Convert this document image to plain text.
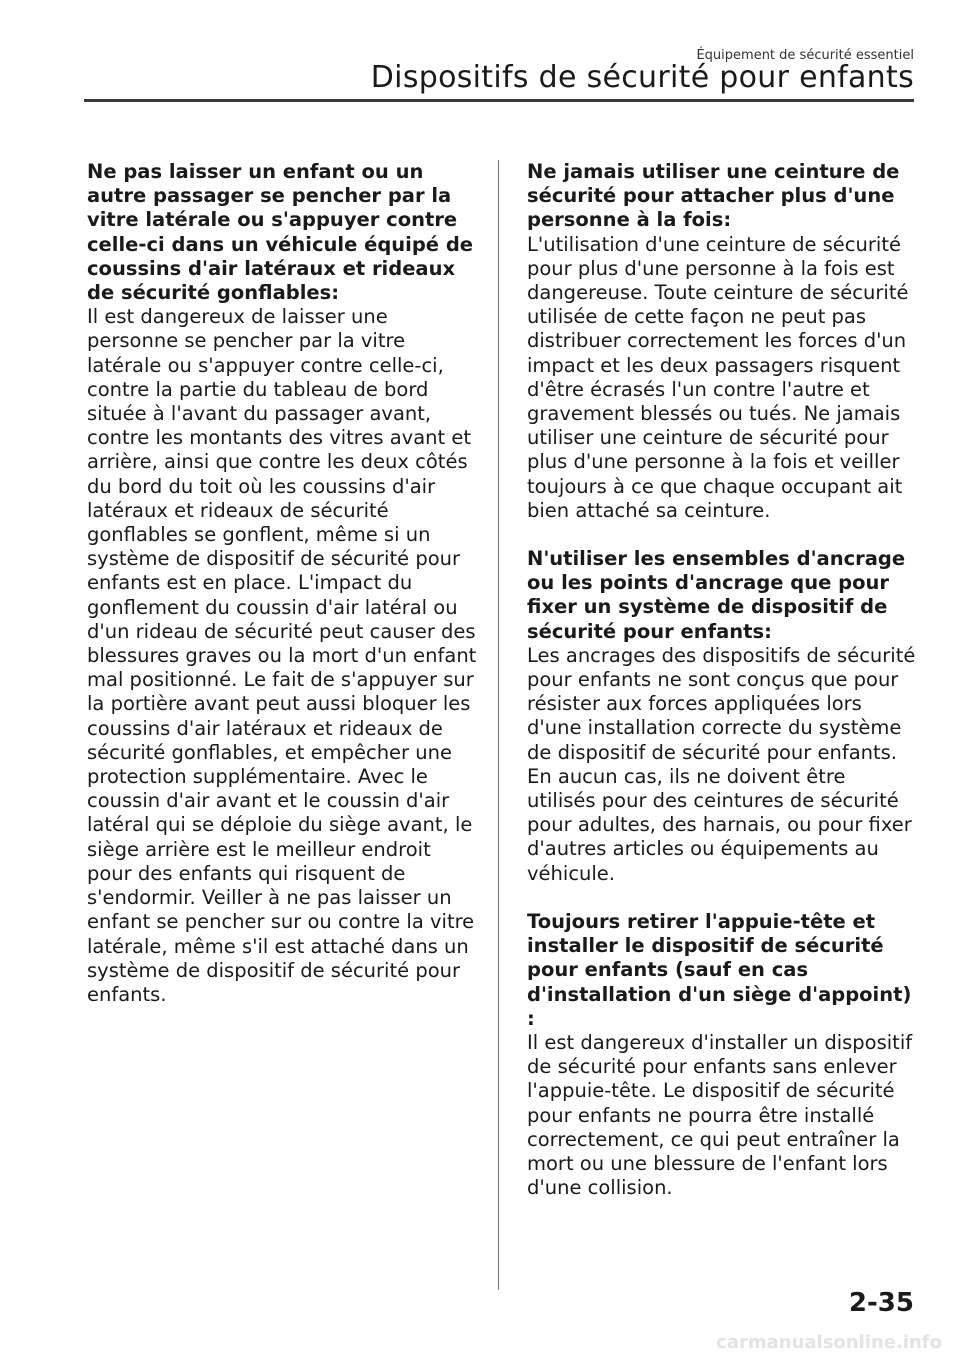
Équipement de sécurité essentiel
Dispositifs de sécurité pour enfants

Ne pas laisser un enfant ou un autre passager se pencher par la vitre latérale ou s'appuyer contre celle-ci dans un véhicule équipé de coussins d'air latéraux et rideaux de sécurité gonflables:

Il est dangereux de laisser une personne se pencher par la vitre latérale ou s'appuyer contre celle-ci, contre la partie du tableau de bord située à l'avant du passager avant, contre les montants des vitres avant et arrière, ainsi que contre les deux côtés du bord du toit où les coussins d'air latéraux et rideaux de sécurité gonflables se gonflent, même si un système de dispositif de sécurité pour enfants est en place. L'impact du gonflement du coussin d'air latéral ou d'un rideau de sécurité peut causer des blessures graves ou la mort d'un enfant mal positionné. Le fait de s'appuyer sur la portière avant peut aussi bloquer les coussins d'air latéraux et rideaux de sécurité gonflables, et empêcher une protection supplémentaire. Avec le coussin d'air avant et le coussin d'air latéral qui se déploie du siège avant, le siège arrière est le meilleur endroit pour des enfants qui risquent de s'endormir. Veiller à ne pas laisser un enfant se pencher sur ou contre la vitre latérale, même s'il est attaché dans un système de dispositif de sécurité pour enfants.

Ne jamais utiliser une ceinture de sécurité pour attacher plus d'une personne à la fois:

L'utilisation d'une ceinture de sécurité pour plus d'une personne à la fois est dangereuse. Toute ceinture de sécurité utilisée de cette façon ne peut pas distribuer correctement les forces d'un impact et les deux passagers risquent d'être écrasés l'un contre l'autre et gravement blessés ou tués. Ne jamais utiliser une ceinture de sécurité pour plus d'une personne à la fois et veiller toujours à ce que chaque occupant ait bien attaché sa ceinture.

N'utiliser les ensembles d'ancrage ou les points d'ancrage que pour fixer un système de dispositif de sécurité pour enfants:

Les ancrages des dispositifs de sécurité pour enfants ne sont conçus que pour résister aux forces appliquées lors d'une installation correcte du système de dispositif de sécurité pour enfants. En aucun cas, ils ne doivent être utilisés pour des ceintures de sécurité pour adultes, des harnais, ou pour fixer d'autres articles ou équipements au véhicule.

Toujours retirer l'appuie-tête et installer le dispositif de sécurité pour enfants (sauf en cas d'installation d'un siège d'appoint) :

Il est dangereux d'installer un dispositif de sécurité pour enfants sans enlever l'appuie-tête. Le dispositif de sécurité pour enfants ne pourra être installé correctement, ce qui peut entraîner la mort ou une blessure de l'enfant lors d'une collision.

2-35
carmanualsonline.info
